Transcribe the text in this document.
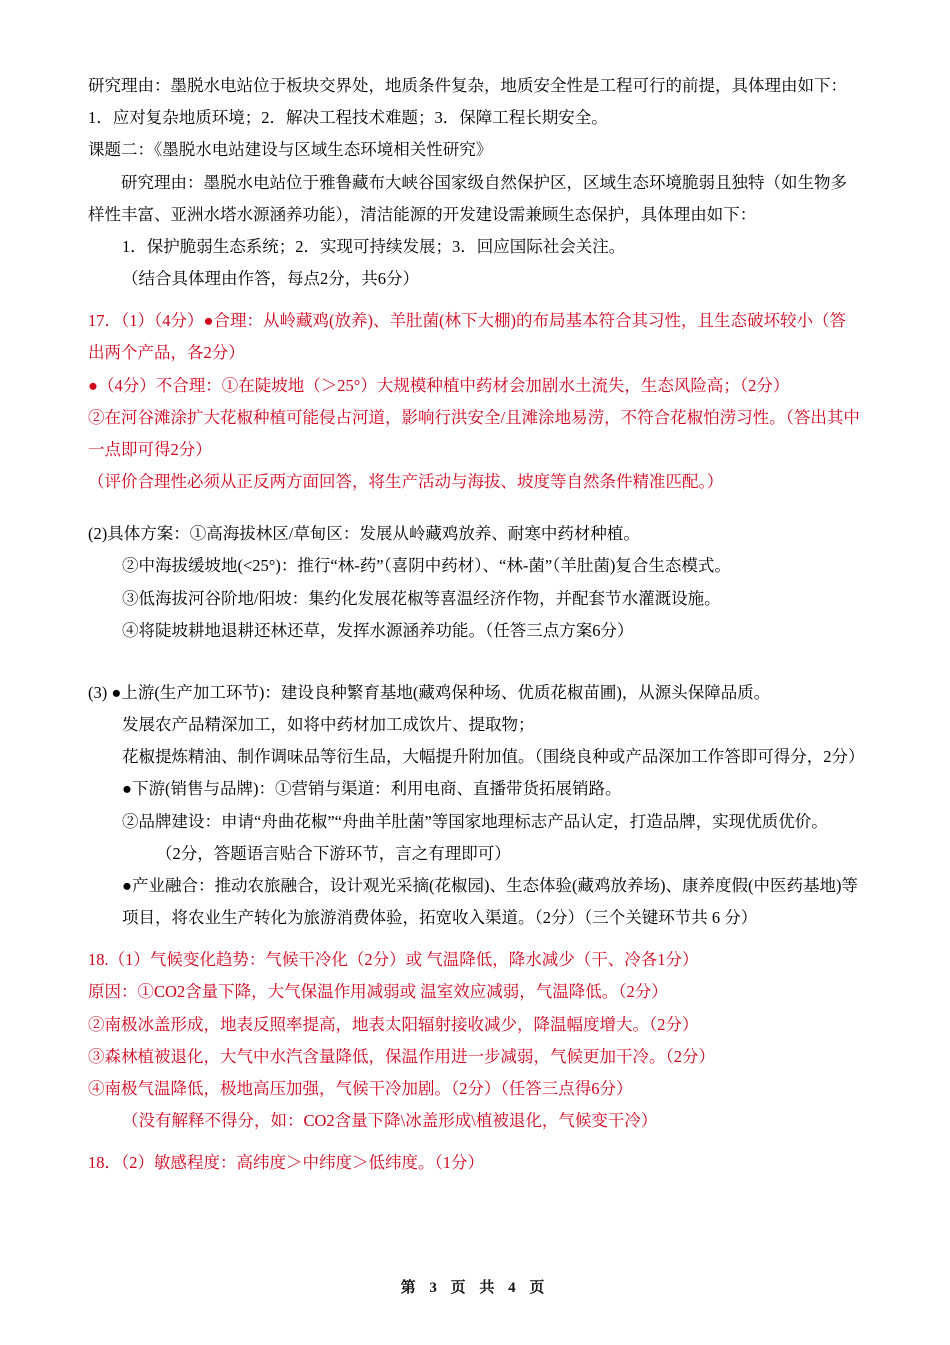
研究理由：墨脱水电站位于板块交界处，地质条件复杂，地质安全性是工程可行的前提，具体理由如下：

1．应对复杂地质环境；2．解决工程技术难题；3．保障工程长期安全。

课题二：《墨脱水电站建设与区域生态环境相关性研究》

　　研究理由：墨脱水电站位于雅鲁藏布大峡谷国家级自然保护区，区域生态环境脆弱且独特（如生物多样性丰富、亚洲水塔水源涵养功能），清洁能源的开发建设需兼顾生态保护，具体理由如下：

1．保护脆弱生态系统；2．实现可持续发展；3．回应国际社会关注。

（结合具体理由作答，每点2分，共6分）

17．（1）（4分）●合理：从岭藏鸡(放养)、羊肚菌(林下大棚)的布局基本符合其习性，且生态破坏较小（答出两个产品，各2分）

●（4分）不合理：①在陡坡地（＞25°）大规模种植中药材会加剧水土流失，生态风险高；（2分）

②在河谷滩涂扩大花椒种植可能侵占河道，影响行洪安全/且滩涂地易涝，不符合花椒怕涝习性。（答出其中一点即可得2分）

（评价合理性必须从正反两方面回答，将生产活动与海拔、坡度等自然条件精准匹配。）

(2)具体方案：①高海拔林区/草甸区：发展从岭藏鸡放养、耐寒中药材种植。

②中海拔缓坡地(<25°)：推行“林-药”（喜阴中药材）、“林-菌”（羊肚菌)复合生态模式。

③低海拔河谷阶地/阳坡：集约化发展花椒等喜温经济作物，并配套节水灌溉设施。

④将陡坡耕地退耕还林还草，发挥水源涵养功能。（任答三点方案6分）

(3) ●上游(生产加工环节)：建设良种繁育基地(藏鸡保种场、优质花椒苗圃)，从源头保障品质。

发展农产品精深加工，如将中药材加工成饮片、提取物；

花椒提炼精油、制作调味品等衍生品，大幅提升附加值。（围绕良种或产品深加工作答即可得分，2分）

●下游(销售与品牌)：①营销与渠道：利用电商、直播带货拓展销路。

②品牌建设：申请“舟曲花椒”“舟曲羊肚菌”等国家地理标志产品认定，打造品牌，实现优质优价。

（2分，答题语言贴合下游环节，言之有理即可）

●产业融合：推动农旅融合，设计观光采摘(花椒园)、生态体验(藏鸡放养场)、康养度假(中医药基地)等项目，将农业生产转化为旅游消费体验，拓宽收入渠道。（2分）（三个关键环节共 6 分）

18.（1）气候变化趋势：气候干冷化（2分）或 气温降低，降水减少（干、冷各1分）

原因：①CO2含量下降，大气保温作用减弱或 温室效应减弱，气温降低。（2分）

②南极冰盖形成，地表反照率提高，地表太阳辐射接收减少，降温幅度增大。（2分）

③森林植被退化，大气中水汽含量降低，保温作用进一步减弱，气候更加干冷。（2分）

④南极气温降低，极地高压加强，气候干冷加剧。（2分）（任答三点得6分）

（没有解释不得分，如：CO2含量下降\冰盖形成\植被退化，气候变干冷）

18．（2）敏感程度：高纬度＞中纬度＞低纬度。（1分）

第 3 页 共 4 页
